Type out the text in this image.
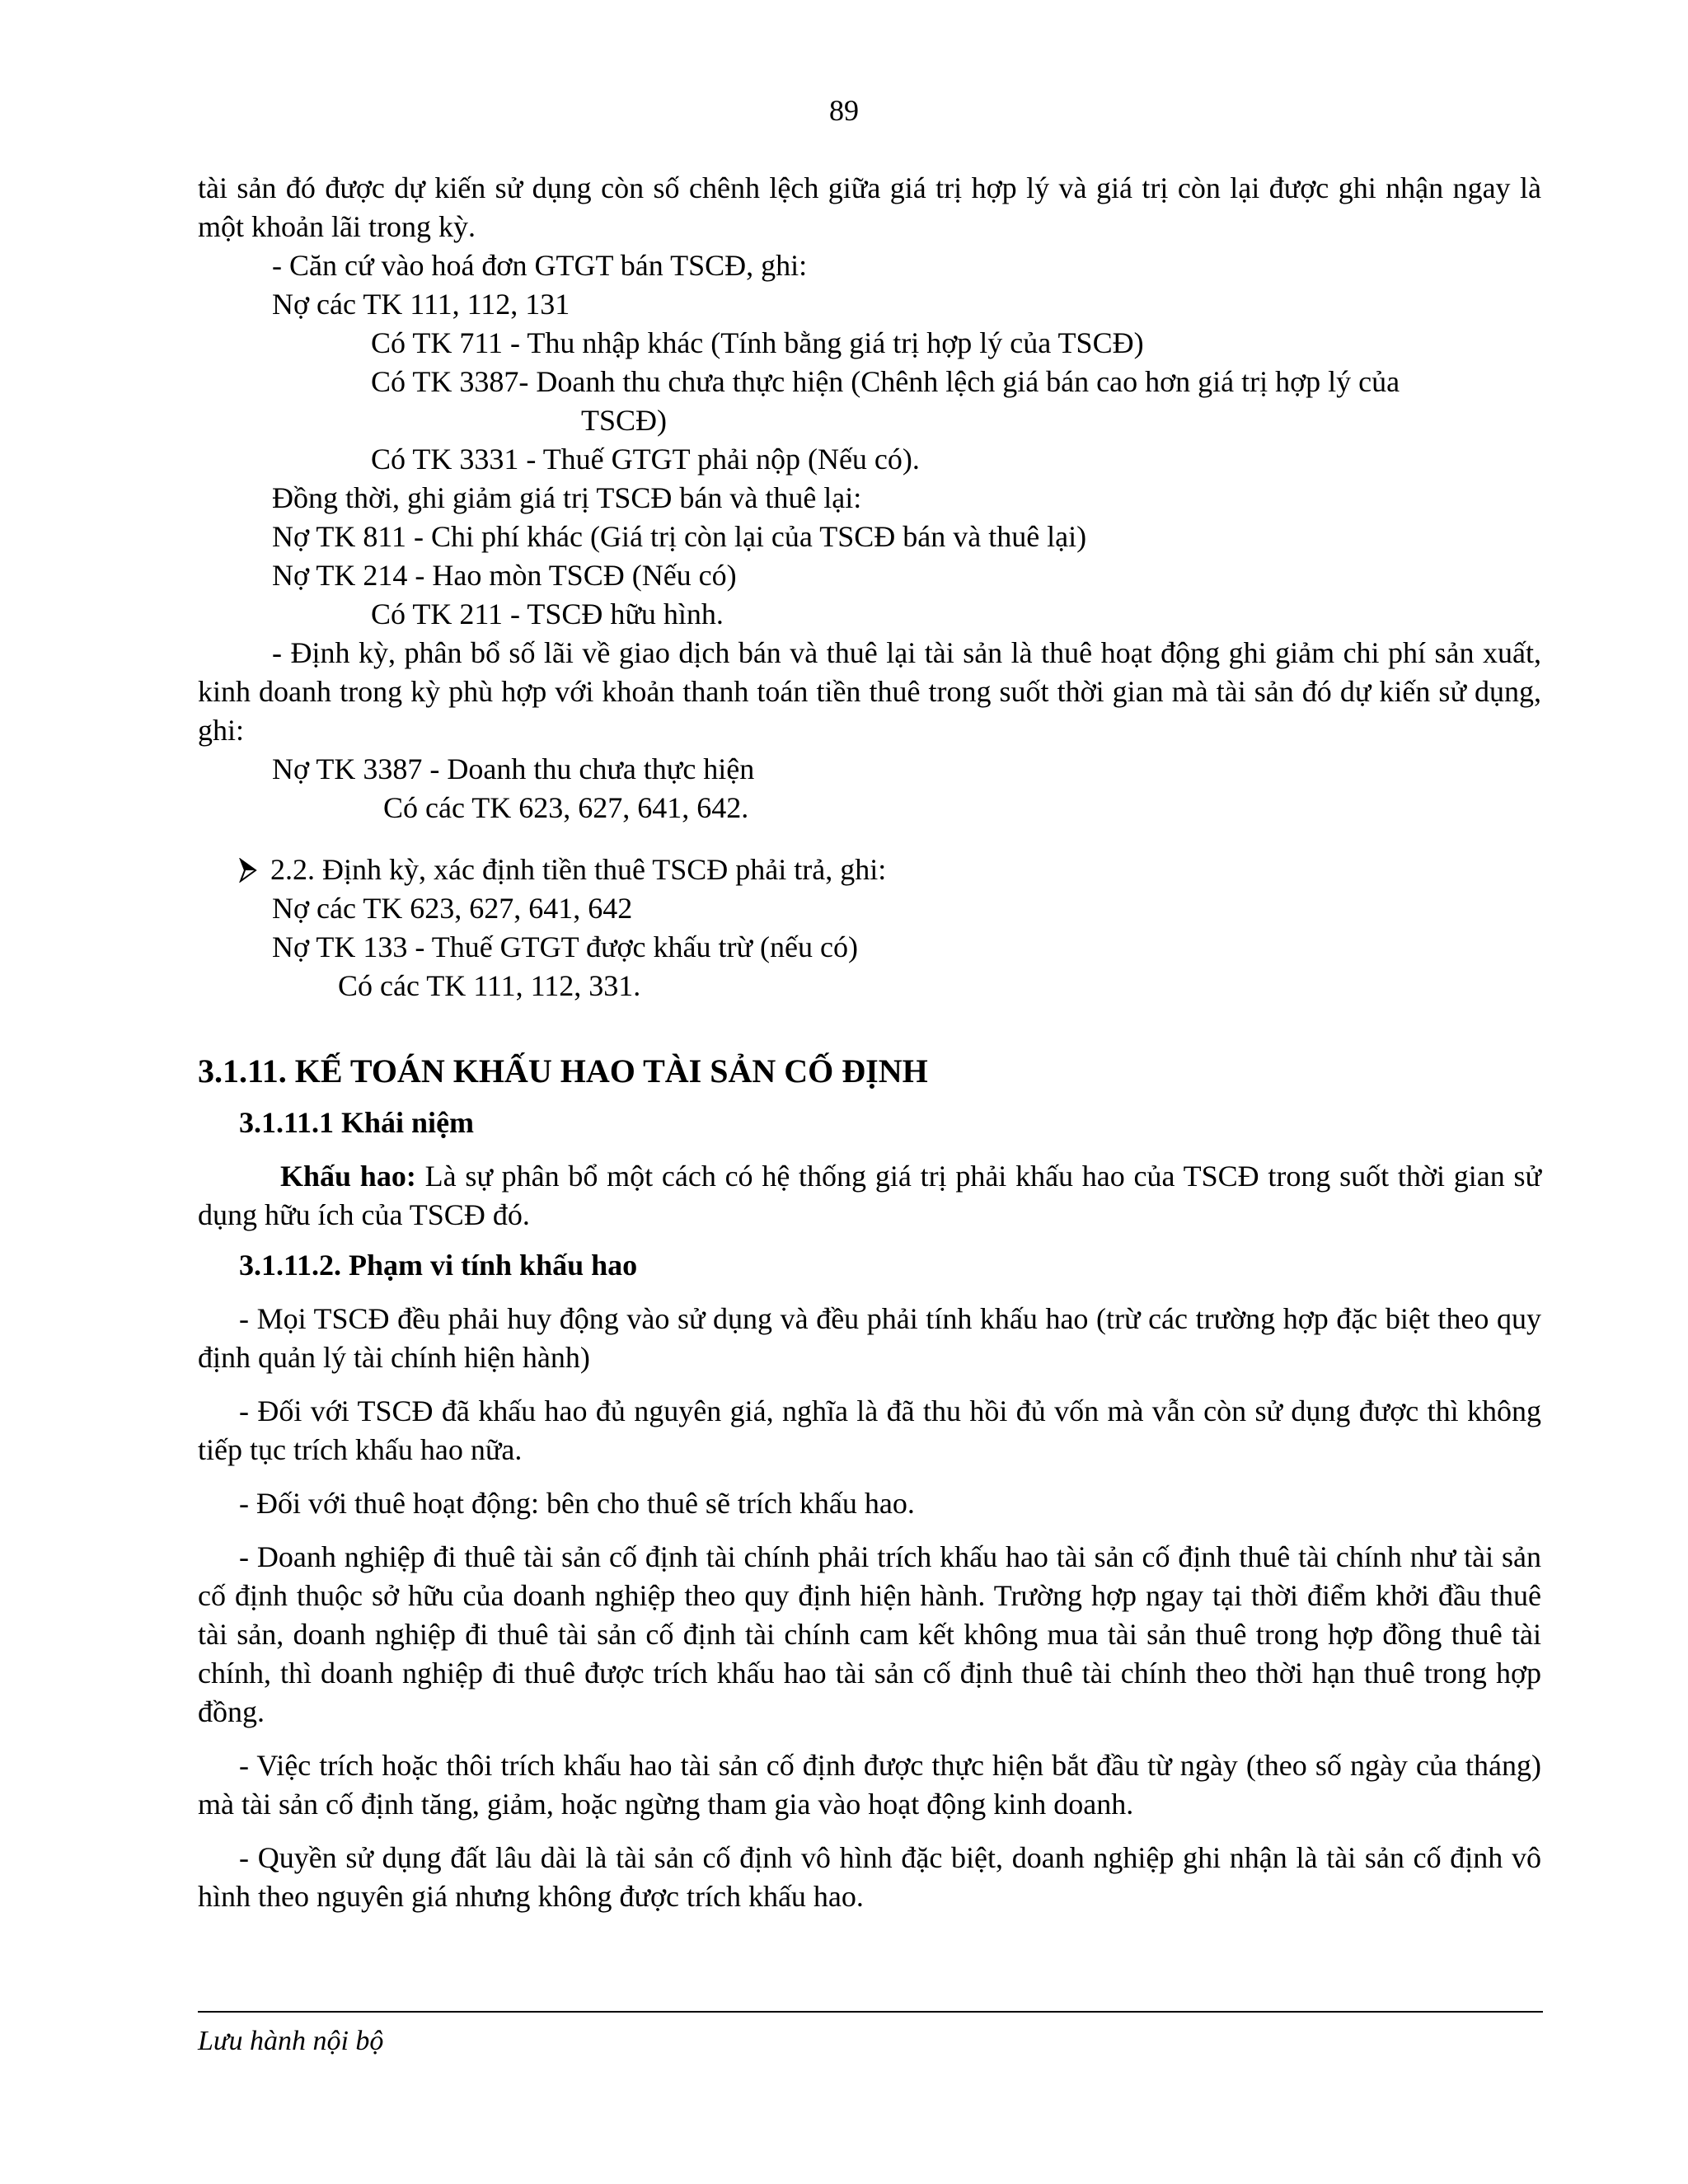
89

tài sản đó được dự kiến sử dụng còn số chênh lệch giữa giá trị hợp lý và giá trị còn lại được ghi nhận ngay là một khoản lãi trong kỳ.

- Căn cứ vào hoá đơn GTGT bán TSCĐ, ghi:

Nợ các TK 111, 112, 131

Có TK 711 - Thu nhập khác (Tính bằng giá trị hợp lý của TSCĐ)

Có TK 3387- Doanh thu chưa thực hiện (Chênh lệch giá bán cao hơn giá trị hợp lý của

TSCĐ)

Có TK 3331 - Thuế GTGT phải nộp (Nếu có).

Đồng thời, ghi giảm giá trị TSCĐ bán và thuê lại:

Nợ TK 811 - Chi phí khác (Giá trị còn lại của TSCĐ bán và thuê lại)

Nợ TK 214 - Hao mòn TSCĐ (Nếu có)

Có TK 211 - TSCĐ hữu hình.

- Định kỳ, phân bổ số lãi về giao dịch bán và thuê lại tài sản là thuê hoạt động ghi giảm chi phí sản xuất, kinh doanh trong kỳ phù hợp với khoản thanh toán tiền thuê trong suốt thời gian mà tài sản đó dự kiến sử dụng, ghi:

Nợ TK 3387 - Doanh thu chưa thực hiện

Có các TK 623, 627, 641, 642.

2.2. Định kỳ, xác định tiền thuê TSCĐ phải trả, ghi:

Nợ các TK 623, 627, 641, 642

Nợ TK 133 - Thuế GTGT được khấu trừ (nếu có)

Có các TK 111, 112, 331.

3.1.11. KẾ TOÁN KHẤU HAO TÀI SẢN CỐ ĐỊNH

3.1.11.1 Khái niệm

Khấu hao: Là sự phân bổ một cách có hệ thống giá trị phải khấu hao của TSCĐ trong suốt thời gian sử dụng hữu ích của TSCĐ đó.

3.1.11.2. Phạm vi tính khấu hao

- Mọi TSCĐ đều phải huy động vào sử dụng và đều phải tính khấu hao (trừ các trường hợp đặc biệt theo quy định quản lý tài chính hiện hành)

- Đối với TSCĐ đã khấu hao đủ nguyên giá, nghĩa là đã thu hồi đủ vốn mà vẫn còn sử dụng được thì không tiếp tục trích khấu hao nữa.

- Đối với thuê hoạt động: bên cho thuê sẽ trích khấu hao.

- Doanh nghiệp đi thuê tài sản cố định tài chính phải trích khấu hao tài sản cố định thuê tài chính như tài sản cố định thuộc sở hữu của doanh nghiệp theo quy định hiện hành. Trường hợp ngay tại thời điểm khởi đầu thuê tài sản, doanh nghiệp đi thuê tài sản cố định tài chính cam kết không mua tài sản thuê trong hợp đồng thuê tài chính, thì doanh nghiệp đi thuê được trích khấu hao tài sản cố định thuê tài chính theo thời hạn thuê trong hợp đồng.

- Việc trích hoặc thôi trích khấu hao tài sản cố định được thực hiện bắt đầu từ ngày (theo số ngày của tháng) mà tài sản cố định tăng, giảm, hoặc ngừng tham gia vào hoạt động kinh doanh.

- Quyền sử dụng đất lâu dài là tài sản cố định vô hình đặc biệt, doanh nghiệp ghi nhận là tài sản cố định vô hình theo nguyên giá nhưng không được trích khấu hao.

Lưu hành nội bộ
